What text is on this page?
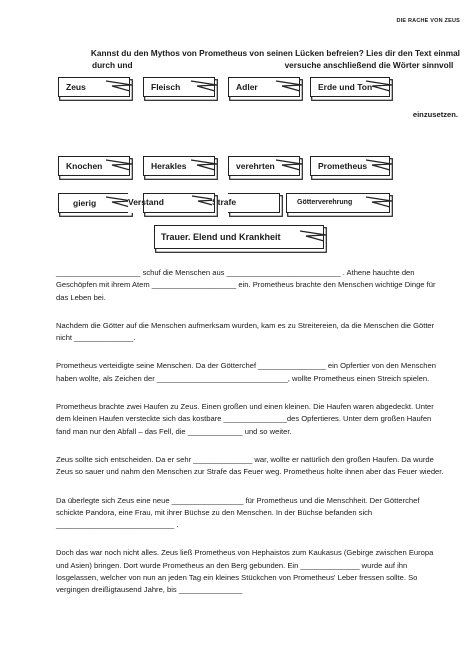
DIE RACHE VON ZEUS
Kannst du den Mythos von Prometheus von seinen Lücken befreien? Lies dir den Text einmal
durch und	versuche anschließend die Wörter sinnvoll
Zeus	Fleisch	Adler	Erde und Ton
einzusetzen.
Knochen	Herakles	verehrten	Prometheus
gierig	Verstand	Strafe	Götterverehrung
Trauer. Elend und Krankheit

____________________ schuf die Menschen aus ___________________________ . Athene hauchte den Geschöpfen mit ihrem Atem ____________________ ein. Prometheus brachte den Menschen wichtige Dinge für das Leben bei.

Nachdem die Götter auf die Menschen aufmerksam wurden, kam es zu Streitereien, da die Menschen die Götter nicht ______________.

Prometheus verteidigte seine Menschen. Da der Götterchef ________________ ein Opfertier von den Menschen haben wollte, als Zeichen der _______________________________, wollte Prometheus einen Streich spielen.

Prometheus brachte zwei Haufen zu Zeus. Einen großen und einen kleinen. Die Haufen waren abgedeckt. Unter dem kleinen Haufen versteckte sich das kostbare _______________des Opfertieres. Unter dem großen Haufen fand man nur den Abfall – das Fell, die _____________ und so weiter.

Zeus sollte sich entscheiden. Da er sehr ______________ war, wollte er natürlich den großen Haufen. Da wurde Zeus so sauer und nahm den Menschen zur Strafe das Feuer weg. Prometheus holte ihnen aber das Feuer wieder.

Da überlegte sich Zeus eine neue _________________ für Prometheus und die Menschheit. Der Götterchef schickte Pandora, eine Frau, mit ihrer Büchse zu den Menschen. In der Büchse befanden sich ____________________________ .

Doch das war noch nicht alles. Zeus ließ Prometheus von Hephaistos zum Kaukasus (Gebirge zwischen Europa und Asien) bringen. Dort wurde Prometheus an den Berg gebunden. Ein ______________ wurde auf ihn losgelassen, welcher von nun an jeden Tag ein kleines Stückchen von Prometheus' Leber fressen sollte. So vergingen dreißigtausend Jahre, bis _______________
